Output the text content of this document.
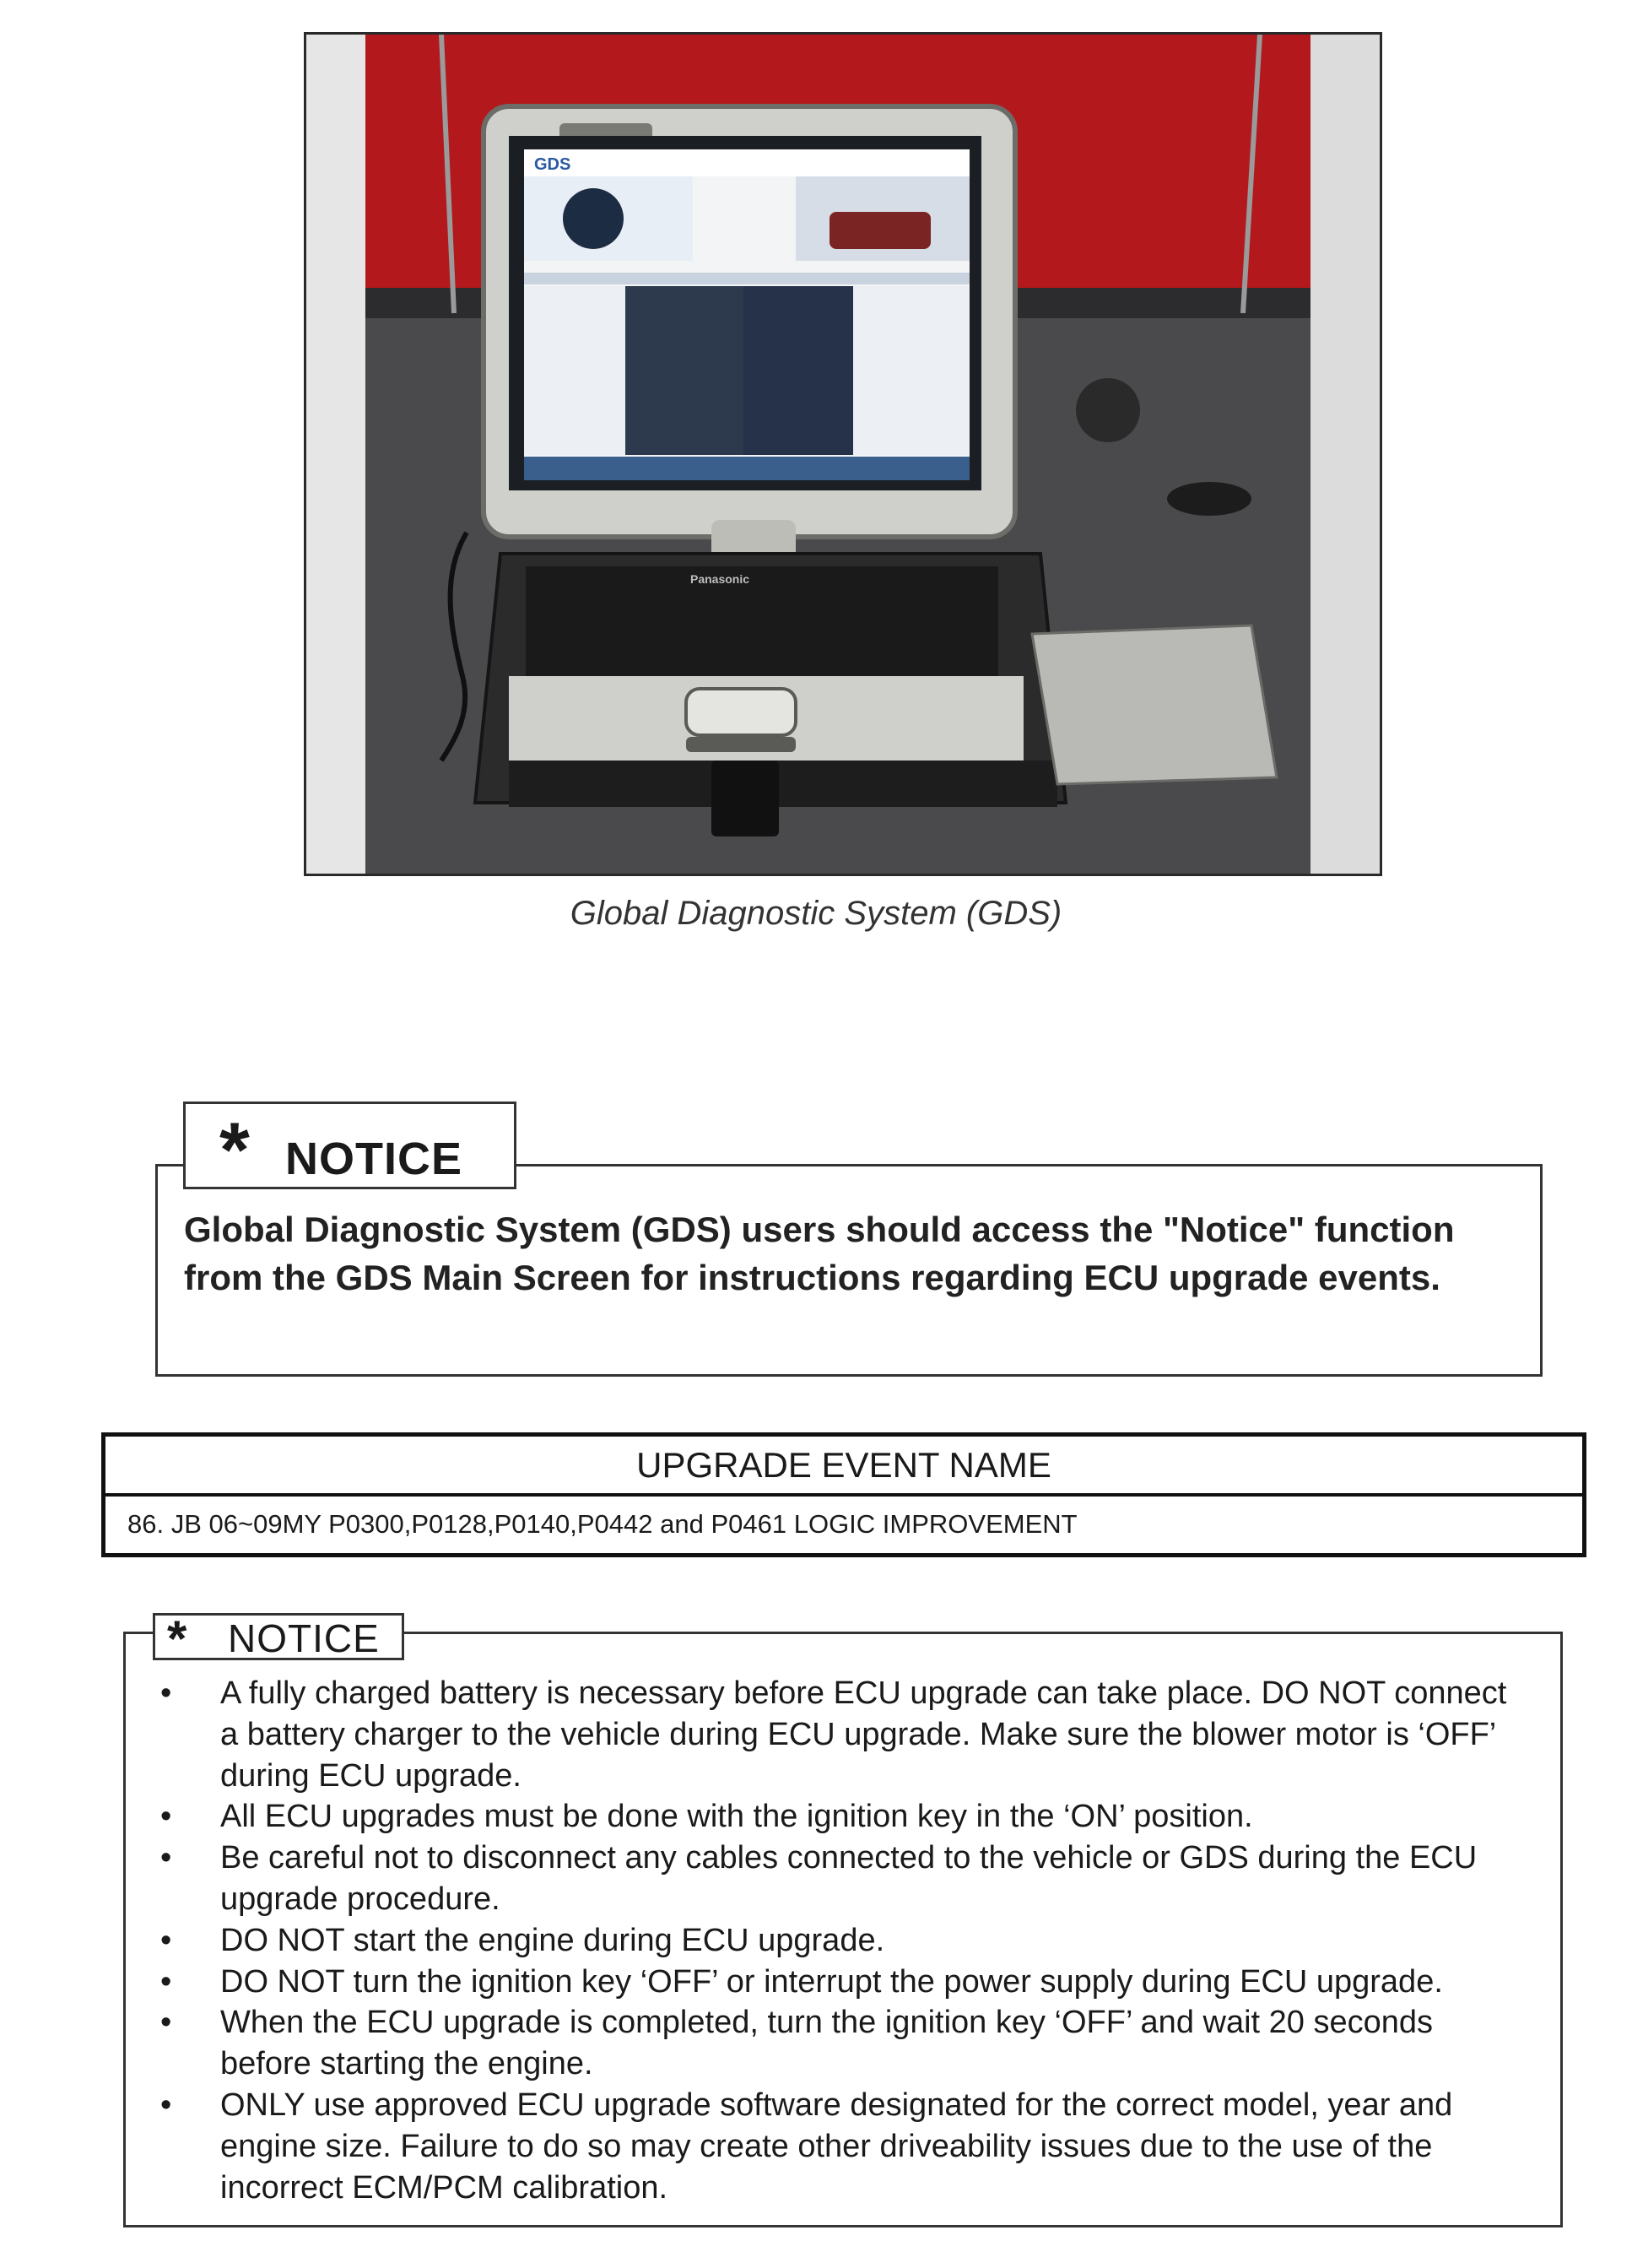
GDS
Panasonic
Global Diagnostic System (GDS)
* NOTICE
Global Diagnostic System (GDS) users should access the "Notice" function from the GDS Main Screen for instructions regarding ECU upgrade events.
UPGRADE EVENT NAME
86. JB 06~09MY P0300,P0128,P0140,P0442 and P0461 LOGIC IMPROVEMENT
* NOTICE
• A fully charged battery is necessary before ECU upgrade can take place. DO NOT connect a battery charger to the vehicle during ECU upgrade. Make sure the blower motor is ‘OFF’ during ECU upgrade.
• All ECU upgrades must be done with the ignition key in the ‘ON’ position.
• Be careful not to disconnect any cables connected to the vehicle or GDS during the ECU upgrade procedure.
• DO NOT start the engine during ECU upgrade.
• DO NOT turn the ignition key ‘OFF’ or interrupt the power supply during ECU upgrade.
• When the ECU upgrade is completed, turn the ignition key ‘OFF’ and wait 20 seconds before starting the engine.
• ONLY use approved ECU upgrade software designated for the correct model, year and engine size. Failure to do so may create other driveability issues due to the use of the incorrect ECM/PCM calibration.
